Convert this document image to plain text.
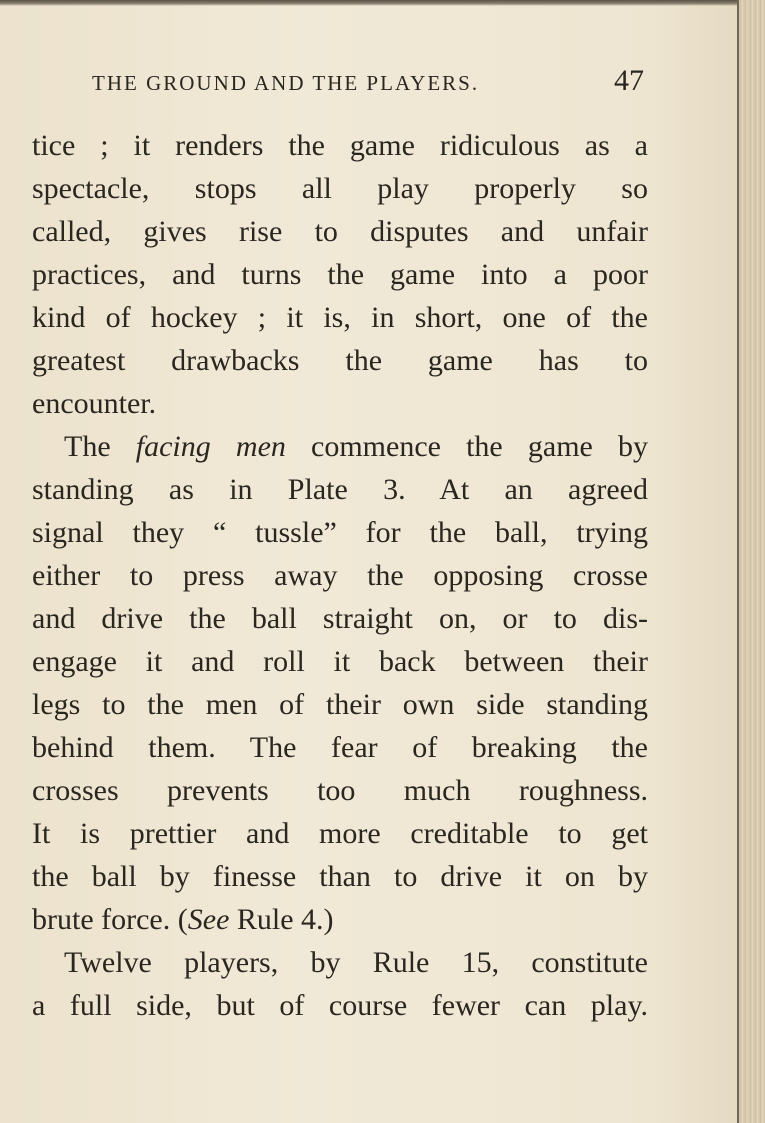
THE GROUND AND THE PLAYERS.	47
tice ; it renders the game ridiculous as a
spectacle, stops all play properly so
called, gives rise to disputes and unfair
practices, and turns the game into a poor
kind of hockey ; it is, in short, one of the
greatest drawbacks the game has to
encounter.
The facing men commence the game by
standing as in Plate 3. At an agreed
signal they “ tussle” for the ball, trying
either to press away the opposing crosse
and drive the ball straight on, or to dis-
engage it and roll it back between their
legs to the men of their own side standing
behind them. The fear of breaking the
crosses prevents too much roughness.
It is prettier and more creditable to get
the ball by finesse than to drive it on by
brute force. (See Rule 4.)
Twelve players, by Rule 15, constitute
a full side, but of course fewer can play.
